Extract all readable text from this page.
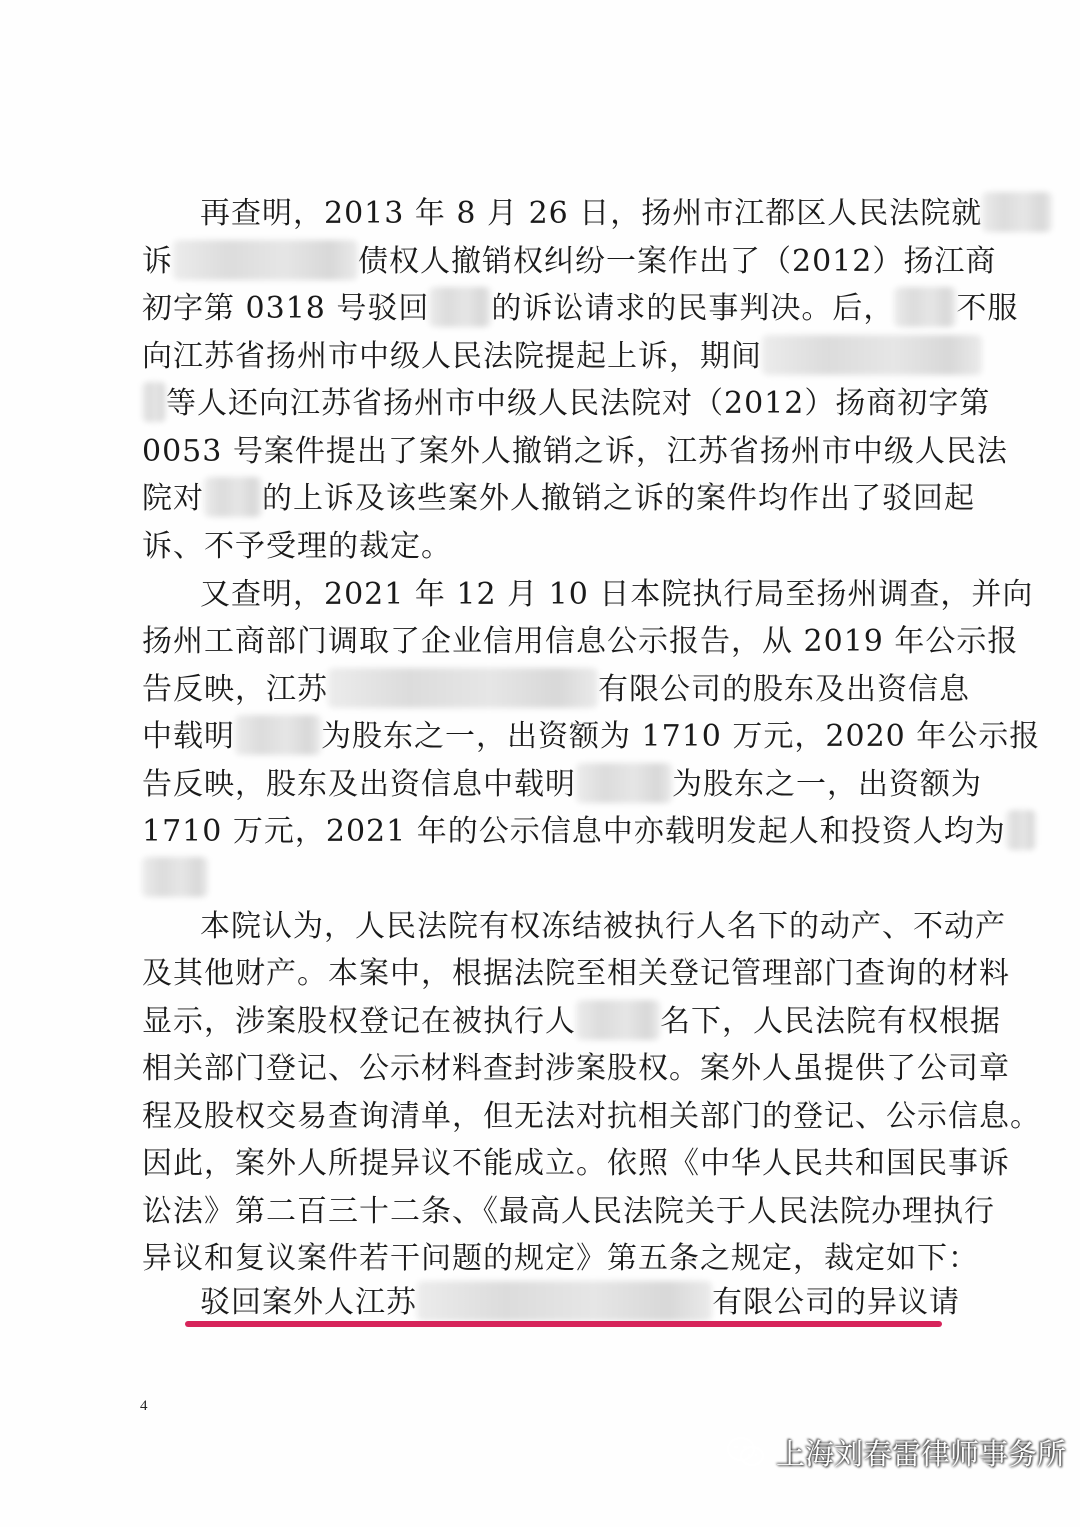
再查明，2013 年 8 月 26 日，扬州市江都区人民法院就
诉	债权人撤销权纠纷一案作出了（2012）扬江商
初字第 0318 号驳回 的诉讼请求的民事判决。后， 不服
向江苏省扬州市中级人民法院提起上诉，期间
等人还向江苏省扬州市中级人民法院对（2012）扬商初字第
0053 号案件提出了案外人撤销之诉，江苏省扬州市中级人民法
院对 的上诉及该些案外人撤销之诉的案件均作出了驳回起
诉、不予受理的裁定。
又查明，2021 年 12 月 10 日本院执行局至扬州调查，并向
扬州工商部门调取了企业信用信息公示报告，从 2019 年公示报
告反映，江苏	有限公司的股东及出资信息
中载明	为股东之一，出资额为 1710 万元，2020 年公示报
告反映，股东及出资信息中载明	为股东之一，出资额为
1710 万元，2021 年的公示信息中亦载明发起人和投资人均为
本院认为，人民法院有权冻结被执行人名下的动产、不动产
及其他财产。本案中，根据法院至相关登记管理部门查询的材料
显示，涉案股权登记在被执行人	名下，人民法院有权根据
相关部门登记、公示材料查封涉案股权。案外人虽提供了公司章
程及股权交易查询清单，但无法对抗相关部门的登记、公示信息。
因此，案外人所提异议不能成立。依照《中华人民共和国民事诉
讼法》第二百三十二条、《最高人民法院关于人民法院办理执行
异议和复议案件若干问题的规定》第五条之规定，裁定如下：
驳回案外人江苏	有限公司的异议请
4
上海刘春雷律师事务所
